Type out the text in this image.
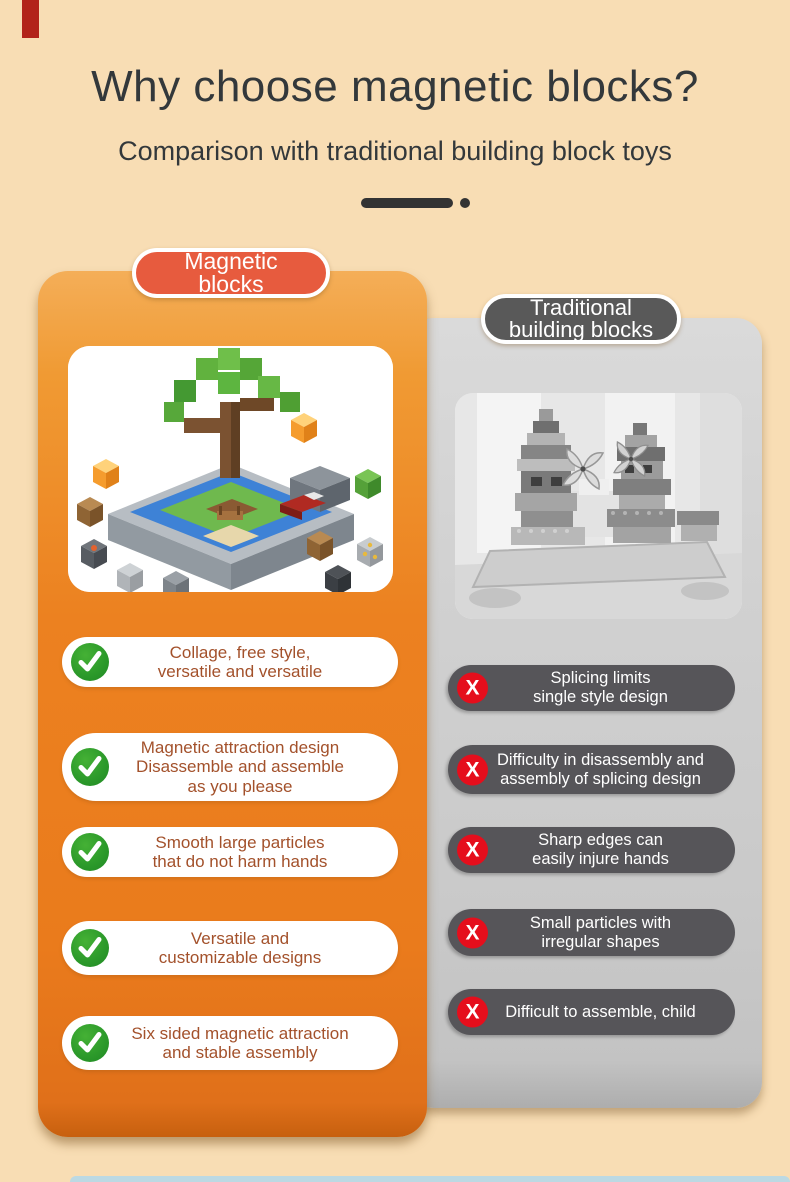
Why choose magnetic blocks?
Comparison with traditional building block toys
X	Splicing limits
single style design
X	Difficulty in disassembly and
assembly of splicing design
X	Sharp edges can
easily injure hands
X	Small particles with
irregular shapes
X	Difficult to assemble, child
Collage, free style,
versatile and versatile
Magnetic attraction design
Disassemble and assemble
as you please
Smooth large particles
that do not harm hands
Versatile and
customizable designs
Six sided magnetic attraction
and stable assembly
Magnetic
blocks
Traditional
building blocks
